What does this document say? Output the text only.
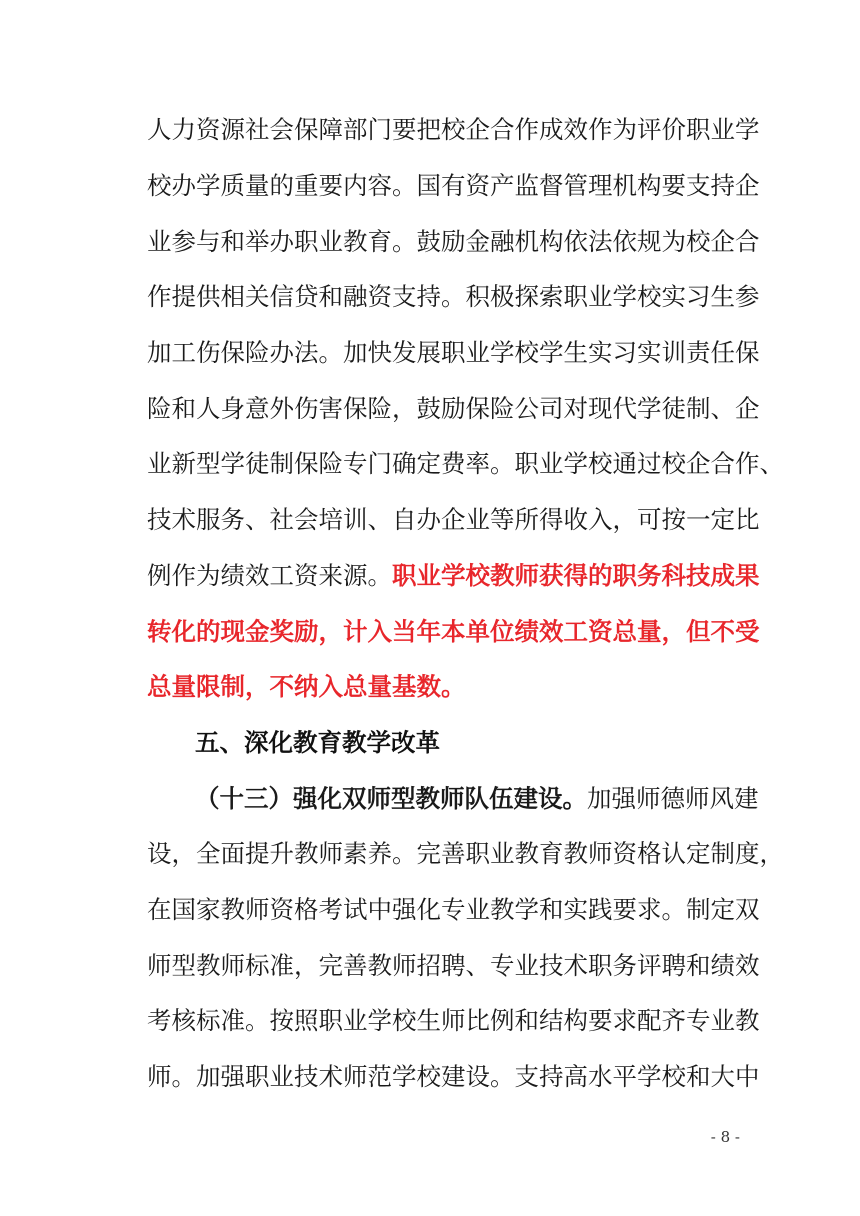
人力资源社会保障部门要把校企合作成效作为评价职业学
校办学质量的重要内容。国有资产监督管理机构要支持企
业参与和举办职业教育。鼓励金融机构依法依规为校企合
作提供相关信贷和融资支持。积极探索职业学校实习生参
加工伤保险办法。加快发展职业学校学生实习实训责任保
险和人身意外伤害保险，鼓励保险公司对现代学徒制、企
业新型学徒制保险专门确定费率。职业学校通过校企合作、
技术服务、社会培训、自办企业等所得收入，可按一定比
例作为绩效工资来源。职业学校教师获得的职务科技成果
转化的现金奖励，计入当年本单位绩效工资总量，但不受
总量限制，不纳入总量基数。
五、深化教育教学改革
（十三）强化双师型教师队伍建设。加强师德师风建
设，全面提升教师素养。完善职业教育教师资格认定制度，
在国家教师资格考试中强化专业教学和实践要求。制定双
师型教师标准，完善教师招聘、专业技术职务评聘和绩效
考核标准。按照职业学校生师比例和结构要求配齐专业教
师。加强职业技术师范学校建设。支持高水平学校和大中
- 8 -
